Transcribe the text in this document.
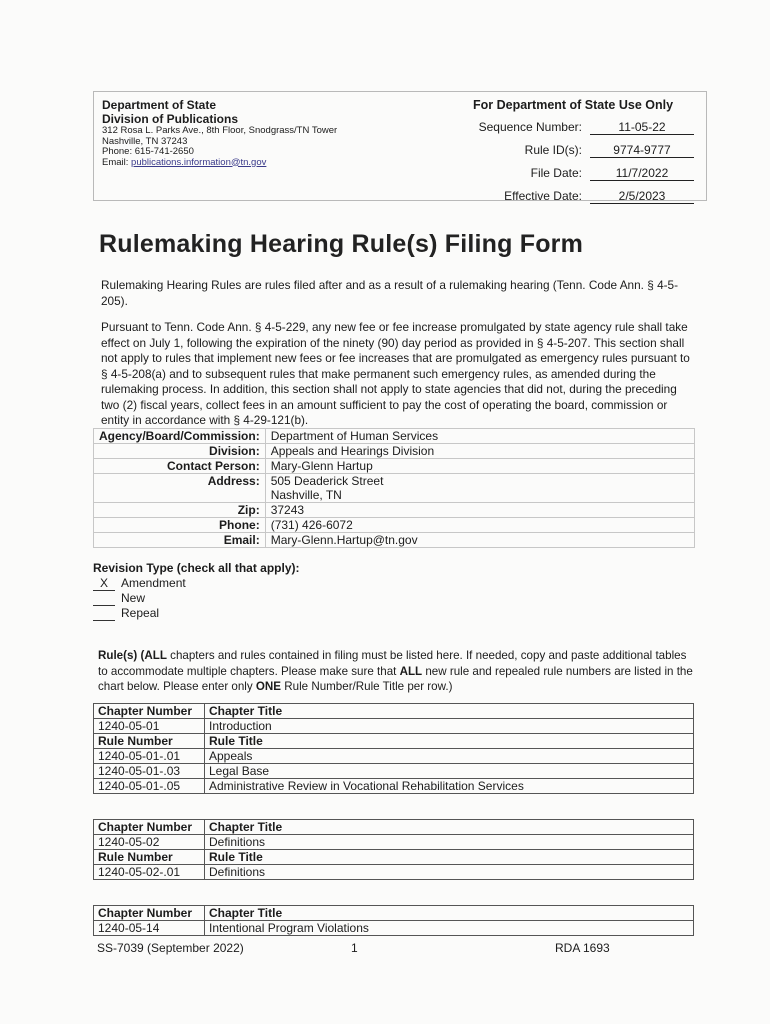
Department of State
Division of Publications
312 Rosa L. Parks Ave., 8th Floor, Snodgrass/TN Tower
Nashville, TN 37243
Phone: 615-741-2650
Email: publications.information@tn.gov
For Department of State Use Only
Sequence Number:	11-05-22
Rule ID(s):	9774-9777
File Date:	11/7/2022
Effective Date:	2/5/2023
Rulemaking Hearing Rule(s) Filing Form
Rulemaking Hearing Rules are rules filed after and as a result of a rulemaking hearing (Tenn. Code Ann. § 4-5-205).
Pursuant to Tenn. Code Ann. § 4-5-229, any new fee or fee increase promulgated by state agency rule shall take effect on July 1, following the expiration of the ninety (90) day period as provided in § 4-5-207. This section shall not apply to rules that implement new fees or fee increases that are promulgated as emergency rules pursuant to § 4-5-208(a) and to subsequent rules that make permanent such emergency rules, as amended during the rulemaking process. In addition, this section shall not apply to state agencies that did not, during the preceding two (2) fiscal years, collect fees in an amount sufficient to pay the cost of operating the board, commission or entity in accordance with § 4-29-121(b).
Agency/Board/Commission:	Department of Human Services
Division:	Appeals and Hearings Division
Contact Person:	Mary-Glenn Hartup
Address:	505 Deaderick Street
Nashville, TN

Zip:	37243
Phone:	(731) 426-6072
Email:	Mary-Glenn.Hartup@tn.gov
Revision Type (check all that apply):
X	Amendment
New
Repeal
Rule(s) (ALL chapters and rules contained in filing must be listed here. If needed, copy and paste additional tables to accommodate multiple chapters. Please make sure that ALL new rule and repealed rule numbers are listed in the chart below. Please enter only ONE Rule Number/Rule Title per row.)
Chapter Number	Chapter Title
1240-05-01	Introduction
Rule Number	Rule Title
1240-05-01-.01	Appeals
1240-05-01-.03	Legal Base
1240-05-01-.05	Administrative Review in Vocational Rehabilitation Services
Chapter Number	Chapter Title
1240-05-02	Definitions
Rule Number	Rule Title
1240-05-02-.01	Definitions
Chapter Number	Chapter Title
1240-05-14	Intentional Program Violations
SS-7039 (September 2022)	1	RDA 1693
